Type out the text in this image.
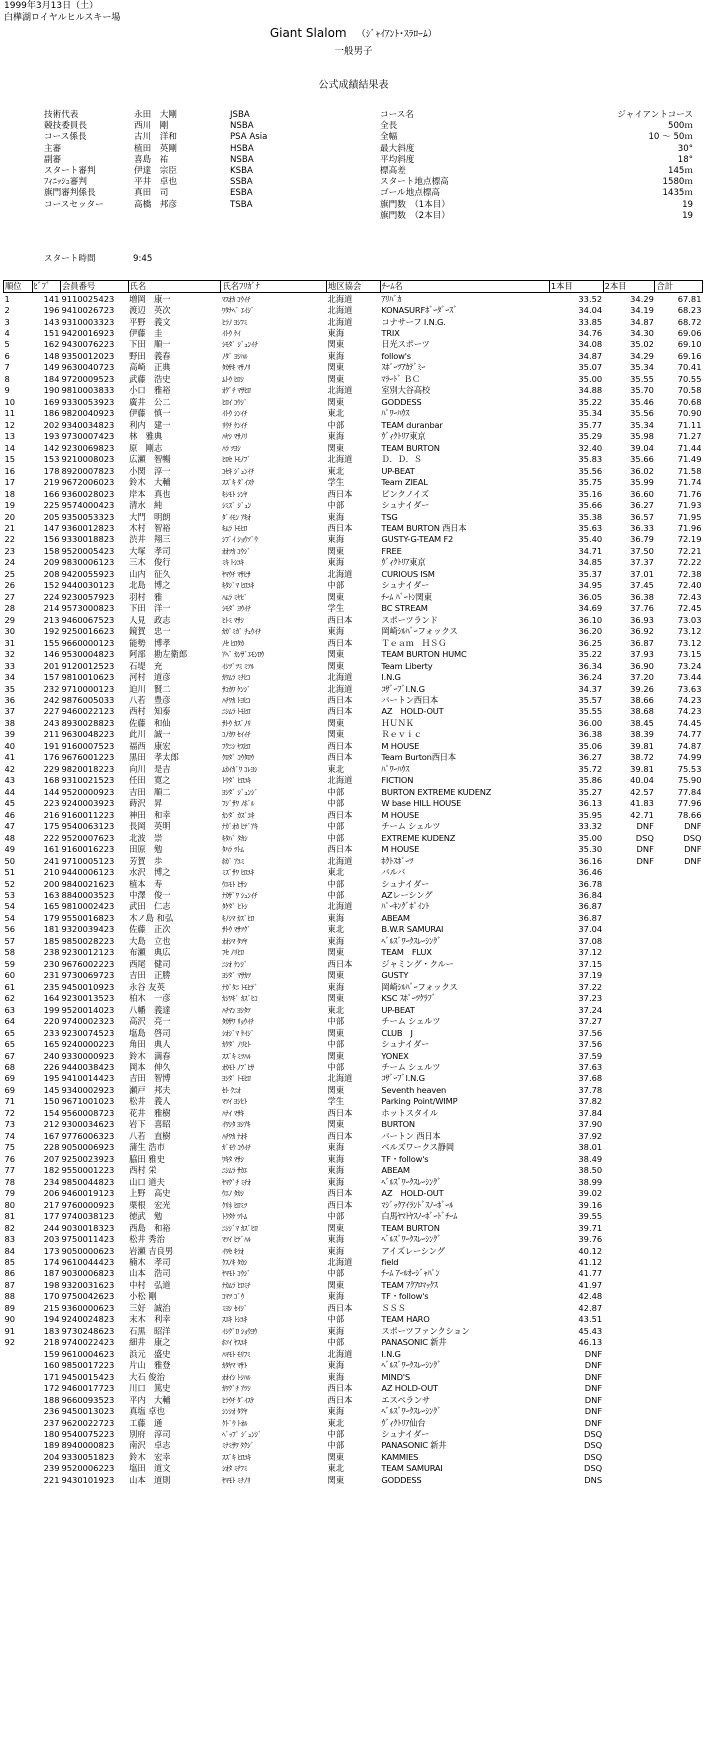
1999年3月13日（土）
白樺湖ロイヤルヒルスキー場
Giant Slalom （ｼﾞｬｲｱﾝﾄ･ｽﾗﾛｰﾑ）
一般男子
公式成績結果表
技術代表	永田　大剛	JSBA
競技委員長	西川　剛	NSBA
コース係長	古川　洋和	PSA Asia
主審	植田　英剛	HSBA
副審	喜島　祐	NSBA
スタート審判	伊達　宗臣	KSBA
ﾌｨﾆｯｼｭ審判	平井　卓也	SSBA
旗門審判係長	真田　司	ESBA
コースセッター	高橋　邦彦	TSBA
スタート時間	9:45
コース名	ジャイアントコース
全長	500ｍ
全幅	10 ～ 50ｍ
最大斜度	30°
平均斜度	18°
標高差	145ｍ
スタート地点標高	1580ｍ
ゴール地点標高	1435ｍ
旗門数　（1本目）	19
旗門数　（2本目）	19
順位	ﾋﾞﾌﾞ	会員番号	氏名	氏名ﾌﾘｶﾞﾅ	地区協会	ﾁｰﾑ名	1本目	2本目	合計
1	141	9110025423	増岡　康一	ﾏｽｵｶ ｺｳｲﾁ	北海道	ｱﾘﾊﾞｶ	33.52	34.29	67.81
2	196	9410026723	渡辺　英次	ﾜﾀﾅﾍﾞ ｴｲｼﾞ	北海道	KONASURFﾎﾞｰﾀﾞｰｽﾞ	34.04	34.19	68.23
3	143	9310003323	平野　義文	ﾋﾗﾉ ﾖｼﾌﾐ	北海道	コナサーフ I.N.G.	33.85	34.87	68.72
4	151	9420016923	伊藤　圭	ｲﾄｳ ｹｲ	東海	TRIX	34.76	34.30	69.06
5	162	9430076223	下田　順一	ｼﾓﾀﾞ ｼﾞｭﾝｲﾁ	関東	日光スポーツ	34.08	35.02	69.10
6	148	9350012023	野田　義春	ﾉﾀﾞ ﾖｼﾊﾙ	東海	follow's	34.87	34.29	69.16
7	149	9630040723	高崎　正典	ﾀｶｻｷ ﾏｻﾉﾘ	関東	ｽﾎﾟｰﾂｱｶﾃﾞﾐｰ	35.07	35.34	70.41
8	184	9720009523	武藤　浩史	ﾑﾄｳ ﾋﾛｼ	関東	ﾏﾗｰﾄﾞ ＢＣ	35.00	35.55	70.55
9	190	9810003833	小口　雅裕	ｵｸﾞﾁ ﾏｻﾋﾛ	北海道	室別大谷高校	34.88	35.70	70.58
10	169	9330053923	廣井　公二	ﾋﾛｲ ｺｳｼﾞ	関東	GODDESS	35.22	35.46	70.68
11	186	9820040923	伊藤　慎一	ｲﾄｳ ｼﾝｲﾁ	東北	ﾊﾟﾜｰﾊｳｽ	35.34	35.56	70.90
12	202	9340034823	利内　建一	ﾘｳﾁ ｹﾝｲﾁ	中部	TEAM duranbar	35.77	35.34	71.11
13	193	9730007423	林　雅典	ﾊﾔｼ ﾏｻﾉﾘ	東海	ｳﾞｨｸﾄﾘｱ東京	35.29	35.98	71.27
14	142	9230069823	原　剛志	ﾊﾗ ﾂﾖｼ	関東	TEAM BURTON	32.40	39.04	71.44
15	153	9210008023	広瀬　智暢	ﾋﾛｾ ﾄﾓﾉﾌﾞ	北海道	Ｄ．Ｄ．Ｓ	35.83	35.66	71.49
16	178	8920007823	小関　淳一	ｺｾｷ ｼﾞｭﾝｲﾁ	東北	UP-BEAT	35.56	36.02	71.58
17	219	9672006023	鈴木　大輔	ｽｽﾞｷ ﾀﾞｲｽｹ	学生	Team ZIEAL	35.75	35.99	71.74
18	166	9360028023	岸本　真也	ｷｼﾓﾄ ｼﾝﾔ	西日本	ピンクノイズ	35.16	36.60	71.76
19	225	9574000423	清水　純	ｼﾐｽﾞ ｼﾞｭﾝ	中部	シュナイダー	35.66	36.27	71.93
20	205	9350053323	大門　明朗	ﾀﾞｲﾓﾝ ｱｷｵ	東海	TSG	35.38	36.57	71.95
21	147	9360012823	木村　智裕	ｷﾑﾗ ﾄﾓﾋﾛ	西日本	TEAM BURTON 西日本	35.63	36.33	71.96
22	156	9330018823	渋井　翔三	ｼﾌﾞｲ ｼｮｳｿﾞｳ	東海	GUSTY-G-TEAM F2	35.40	36.79	72.19
23	158	9520005423	大塚　孝司	ｵｵﾂｶ ｺｳｼﾞ	関東	FREE	34.71	37.50	72.21
24	209	9830006123	三木　俊行	ﾐｷ ﾄｼﾕｷ	東海	ｳﾞｨｸﾄﾘｱ東京	34.85	37.37	72.22
25	208	9420055923	山内　征久	ﾔﾏｳﾁ ﾏｻﾋｻ	北海道	CURIOUS ISM	35.37	37.01	72.38
26	152	9440030123	北島　博之	ｷﾀｼﾞﾏ ﾋﾛﾕｷ	中部	シュナイダー	34.95	37.45	72.40
27	224	9230057923	羽村　雅	ﾊﾑﾗ ﾐﾔﾋﾞ	関東	ﾁｰﾑ ﾊﾞｰﾄﾝ関東	36.05	36.38	72.43
28	214	9573000823	下田　洋一	ｼﾓﾀﾞ ﾖｳｲﾁ	学生	BC STREAM	34.69	37.76	72.45
29	213	9460067523	人見　政志	ﾋﾄﾐ ﾏｻｼ	西日本	スポーツランド	36.10	36.93	73.03
30	192	9250016623	鏡賀　忠一	ｶｶﾞﾐｶﾞ ﾁｭｳｲﾁ	東海	岡崎ｼﾙﾊﾞｰフォックス	36.20	36.92	73.12
31	155	9660000123	能勢　博孝	ﾉｾ ﾋﾛﾀｶ	西日本	Ｔｅａｍ　ＨＳＧ	36.25	36.87	73.12
32	146	9530004823	阿部　勘左衛郎	ｱﾍﾞ ｶﾝｻﾞｴﾓﾝﾛｳ	関東	TEAM BURTON HUMC	35.22	37.93	73.15
33	201	9120012523	石堤　充	ｲｼﾂﾞﾂﾐ ﾐﾂﾙ	関東	Team Liberty	36.34	36.90	73.24
34	157	9810010623	河村　道彦	ｶﾜﾑﾗ ﾐﾁﾋｺ	北海道	I.N.G	36.24	37.20	73.44
35	232	9710000123	迫川　賢二	ｻｺｶﾜ ｹﾝｼﾞ	北海道	ｺｻﾞｰﾌﾞI.N.G	34.37	39.26	73.63
36	242	9876005033	八若　豊彦	ﾊﾁﾜｶ ﾄﾖﾋｺ	西日本	バートン西日本	35.57	38.66	74.23
37	227	9460022123	西村　知泰	ﾆｼﾑﾗ ﾄﾓﾋﾛ	西日本	AZ　HOLD-OUT	35.55	38.68	74.23
38	243	8930028823	佐藤　和仙	ｻﾄｳ ｶｽﾞﾉﾘ	関東	ＨＵＮＫ	36.00	38.45	74.45
39	211	9630048223	此川　誠一	ｺﾉｶﾜ ｾｲｲﾁ	関東	Ｒｅｖｉｃ	36.38	38.39	74.77
40	191	9160007523	福西　康宏	ﾌｸﾆｼ ﾔｽﾋﾛ	西日本	M HOUSE	35.06	39.81	74.87
41	176	9676001223	黒田　孝太郎	ｸﾛﾀﾞ ｺｳﾀﾛｳ	西日本	Team Burton西日本	36.27	38.72	74.99
42	229	9820018223	向川　是吉	ﾑｶｲｶﾞﾜ ｺﾚﾖｼ	東北	ﾊﾟﾜｰﾊｳｽ	35.72	39.81	75.53
43	168	9310021523	任田　寛之	ﾄｳﾀﾞ ﾋﾛﾕｷ	北海道	FICTION	35.86	40.04	75.90
44	144	9520000923	吉田　順二	ﾖｼﾀﾞ ｼﾞｭﾝｼﾞ	中部	BURTON EXTREME KUDENZ	35.27	42.57	77.84
45	223	9240003923	蒔沢　昇	ﾌｼﾞｻﾜ ﾉﾎﾞﾙ	中部	W base HILL HOUSE	36.13	41.83	77.96
46	216	9160011223	神田　和幸	ｶﾝﾀﾞ ｶｽﾞﾕｷ	西日本	M HOUSE	35.95	42.71	78.66
47	175	9540063123	長岡　英明	ﾅｶﾞｵｶ ﾋﾃﾞｱｷ	中部	チーム シェルツ	33.32	DNF	DNF
48	222	9520007623	北波　崇	ｷﾀﾊﾞ ﾀｶｼ	中部	EXTREME KUDENZ	35.00	DSQ	DSQ
49	161	9160016223	田原　勉	ﾀﾊﾗ ﾂﾄﾑ	西日本	M HOUSE	35.30	DNF	DNF
50	241	9710005123	芳賀　歩	ﾎｶﾞ ｱﾕﾐ	北海道	ﾎｸﾄｽﾎﾟｰﾂ	36.16	DNF	DNF
51	210	9440006123	水沢　博之	ﾐｽﾞｻﾜ ﾋﾛﾕｷ	東北	バルバ	36.46		
52	200	9840021623	植本　寿	ｳｴﾓﾄ ﾋｻｼ	中部	シュナイダー	36.78		
53	163	8840003523	中澤　俊一	ﾅｶｻﾞﾜ ｼｭﾝｲﾁ	中部	AZレーシング	36.84		
54	165	9810002423	武田　仁志	ﾀｹﾀﾞ ﾋﾄｼ	北海道	ﾊﾟｰｷﾝｸﾞﾎﾟｲﾝﾄ	36.87		
54	179	9550016823	木ノ島 和弘	ｷﾉｼﾏ ｶｽﾞﾋﾛ	東海	ABEAM	36.87		
56	181	9320039423	佐藤　正次	ｻﾄｳ ﾏｻﾂｸﾞ	東北	B.W.R SAMURAI	37.04		
57	185	9850028223	大島　立也	ｵｵｼﾏ ﾀﾂﾔ	東海	ﾍﾞﾙｽﾞﾜｰｸｽﾚｰｼﾝｸﾞ	37.08		
58	238	9230012123	布瀬　典広	ﾌｾ ﾉﾘﾋﾛ	関東	TEAM　FLUX	37.12		
59	230	9676002223	西尾　健司	ﾆｼｵ ｹﾝｼﾞ	西日本	ジャミング・クルー	37.15		
60	231	9730069723	吉田　正勝	ﾖｼﾀﾞ ﾏｻｶﾂ	関東	GUSTY	37.19		
61	235	9450010923	永谷 友英	ﾅｶﾞﾀﾆ ﾄﾓﾋﾃﾞ	東海	岡崎ｼﾙﾊﾞｰフォックス	37.22		
62	164	9230013523	柏木　一彦	ｶｼﾜｷﾞ ｶｽﾞﾋｺ	関東	KSC ｽﾎﾟｰﾂｸﾗﾌﾞ	37.23		
63	199	9520014023	八幡　義達	ﾊﾁﾏﾝ ﾖｼﾀﾂ	東北	UP-BEAT	37.24		
64	220	9740002323	高沢　亮一	ﾀｶｻﾜ ﾘｮｳｲﾁ	中部	チーム シェルツ	37.27		
65	233	9230074523	塩島　啓司	ｼｵｼﾞﾏ ｹｲｼﾞ	関東	CLUB　J	37.56		
65	165	9240000223	角田　典人	ｶｸﾀﾞ ﾉﾘﾋﾄ	中部	シュナイダー	37.56		
67	240	9330000923	鈴木　満春	ｽｽﾞｷ ﾐﾂﾊﾙ	関東	YONEX	37.59		
68	226	9440038423	岡本　伸久	ｵｶﾓﾄ ﾉﾌﾞﾋｻ	中部	チーム シェルツ	37.63		
69	195	9410014423	吉田　智博	ﾖｼﾀﾞ ﾄﾓﾋﾛ	北海道	ｺｻﾞｰﾌﾞI.N.G	37.68		
69	145	9340002923	瀬戸　邦夫	ｾﾄ ｸﾆｵ	関東	Seventh heaven	37.78		
71	150	9671001023	松井　義人	ﾏﾂｲ ﾖｼﾋﾄ	学生	Parking Point/WIMP	37.82		
72	154	9560008723	花井　雅樹	ﾊﾅｲ ﾏｻｷ	西日本	ホットスタイル	37.84		
73	212	9300034623	岩下　喜昭	ｲﾜｼﾀ ﾖｼｱｷ	関東	BURTON	37.90		
74	167	9776006323	八若　直樹	ﾊﾁﾜｶ ﾅｵｷ	西日本	バートン 西日本	37.92		
75	228	9050006923	蒲生 浩市	ｶﾞﾓｳ ｺｳｲﾁ	東海	ベルズワークス静岡	38.01		
76	207	9250023923	脇田 雅史	ﾜｷﾀ ﾏｻｼ	東海	TF・follow's	38.49		
77	182	9550001223	西村 栄	ﾆｼﾑﾗ ｻｶｴ	東海	ABEAM	38.50		
78	234	9850044823	山口 道夫	ﾔﾏｸﾞﾁ ﾐﾁｵ	東海	ﾍﾞﾙｽﾞﾜｰｸｽﾚｰｼﾝｸﾞ	38.99		
79	206	9460019123	上野　高史	ｳｴﾉ ﾀｶｼ	西日本	AZ　HOLD-OUT	39.02		
80	217	9760000923	栗根　宏光	ｸﾘﾈ ﾋﾛﾐﾂ	西日本	ﾏｼﾞｯｸｱｲﾗﾝﾄﾞｽﾉｰﾎﾞｰﾙ	39.16		
81	177	9740038123	徳武　勉	ﾄｸﾀｹ ﾂﾄﾑ	中部	白馬ﾔﾏﾄﾔｽﾉｰﾎﾞｰﾄﾞﾁｰﾑ	39.55		
82	244	9030018323	西島　和裕	ﾆｼｼﾞﾏ ｶｽﾞﾋﾛ	関東	TEAM BURTON	39.71		
83	203	9750011423	松井 秀治	ﾏﾂｲ ﾋﾃﾞﾊﾙ	東海	ﾍﾞﾙｽﾞﾜｰｸｽﾚｰｼﾝｸﾞ	39.76		
84	173	9050000623	岩瀬 吉良男	ｲﾜｾ ｷﾗｵ	東海	アイズレーシング	40.12		
85	174	9610044423	楠木　孝司	ｸｽﾉｷ ﾀｶｼ	北海道	field	41.12		
86	187	9030006823	山本　浩司	ﾔﾏﾓﾄ ｺｳｼﾞ	中部	ﾁｰﾑ ｱｰﾙｵｰｼﾞｬﾊﾟﾝ	41.77		
87	198	9320031623	中村　弘道	ﾅｶﾑﾗ ﾋﾛﾐﾁ	関東	TEAM ｱｸｱﾛﾏｯｸｽ	41.97		
88	170	9750042623	小松 剛	ｺﾏﾂ ｺﾞｳ	東海	TF・follow's	42.48		
89	215	9360000623	三好　誠治	ﾐﾖｼ ｾｲｼﾞ	西日本	ＳＳＳ	42.87		
90	194	9240024823	末木　利幸	ｽｴｷ ﾄｼﾕｷ	中部	TEAM HARO	43.51		
91	183	9730248623	石黒　昭洋	ｲｼｸﾞﾛ ｼｮｳﾖｳ	東海	スポーツファンクション	45.43		
92	218	9740022423	細井　康之	ﾎｿｲ ﾔｽﾕｷ	中部	PANASONIC 新井	46.13		
	159	9610004623	浜元　盛史	ﾊﾏﾓﾄ ﾓﾘﾌﾐ	北海道	I.N.G	DNF		
	160	9850017223	片山　雅登	ｶﾀﾔﾏ ﾏｻﾄ	東海	ﾍﾞﾙｽﾞﾜｰｸｽﾚｰｼﾝｸﾞ	DNF		
	171	9450015423	大石 俊治	ｵｵｲｼ ﾄｼﾊﾙ	東海	MIND'S	DNF		
	172	9460017723	川口　篤史	ｶﾜｸﾞﾁ ｱﾂｼ	西日本	AZ HOLD-OUT	DNF		
	188	9660093523	平内　大輔	ﾋﾗｳﾁ ﾀﾞｲｽｹ	西日本	エスペランサ	DNF		
	236	9450013023	真塩 卓也	ｼﾝｼｵ ﾀｸﾔ	東海	ﾍﾞﾙｽﾞﾜｰｸｽﾚｰｼﾝｸﾞ	DNF		
	237	9620022723	工藤　通	ｸﾄﾞｳ ﾄｵﾙ	東北	ｳﾞｨｸﾄﾘｱ仙台	DNF		
	180	9540075223	別府　淳司	ﾍﾞｯﾌﾟ ｼﾞｭﾝｼﾞ	中部	シュナイダー	DSQ		
	189	8940000823	南沢　卓志	ﾐﾅﾐｻﾜ ﾀｸｼﾞ	中部	PANASONIC 新井	DSQ		
	204	9330051823	鈴木　宏幸	ｽｽﾞｷ ﾋﾛﾕｷ	関東	KAMMIES	DSQ		
	239	9520006223	塩田　道文	ｼｵﾀ ﾐﾁﾌﾐ	東北	TEAM SAMURAI	DSQ		
	221	9430101923	山本　道則	ﾔﾏﾓﾄ ﾐﾁﾉﾘ	関東	GODDESS	DNS		
